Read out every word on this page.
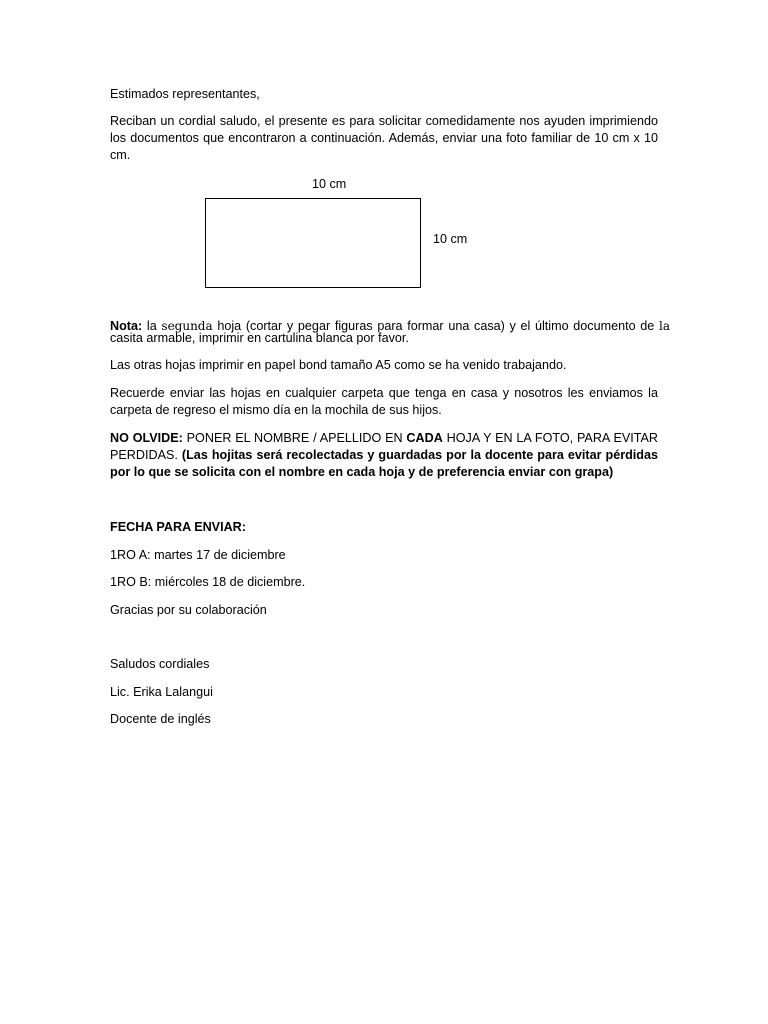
Estimados representantes,

Reciban un cordial saludo, el presente es para solicitar comedidamente nos ayuden imprimiendo los documentos que encontraron a continuación. Además, enviar una foto familiar de 10 cm x 10 cm.

10 cm
10 cm

Nota: la segunda hoja (cortar y pegar figuras para formar una casa) y el último documento de la casita armable, imprimir en cartulina blanca por favor.

Las otras hojas imprimir en papel bond tamaño A5 como se ha venido trabajando.

Recuerde enviar las hojas en cualquier carpeta que tenga en casa y nosotros les enviamos la carpeta de regreso el mismo día en la mochila de sus hijos.

NO OLVIDE: PONER EL NOMBRE / APELLIDO EN CADA HOJA Y EN LA FOTO, PARA EVITAR PERDIDAS. (Las hojitas será recolectadas y guardadas por la docente para evitar pérdidas por lo que se solicita con el nombre en cada hoja y de preferencia enviar con grapa)

FECHA PARA ENVIAR:

1RO A: martes 17 de diciembre

1RO B: miércoles 18 de diciembre.

Gracias por su colaboración

Saludos cordiales

Lic. Erika Lalangui

Docente de inglés
